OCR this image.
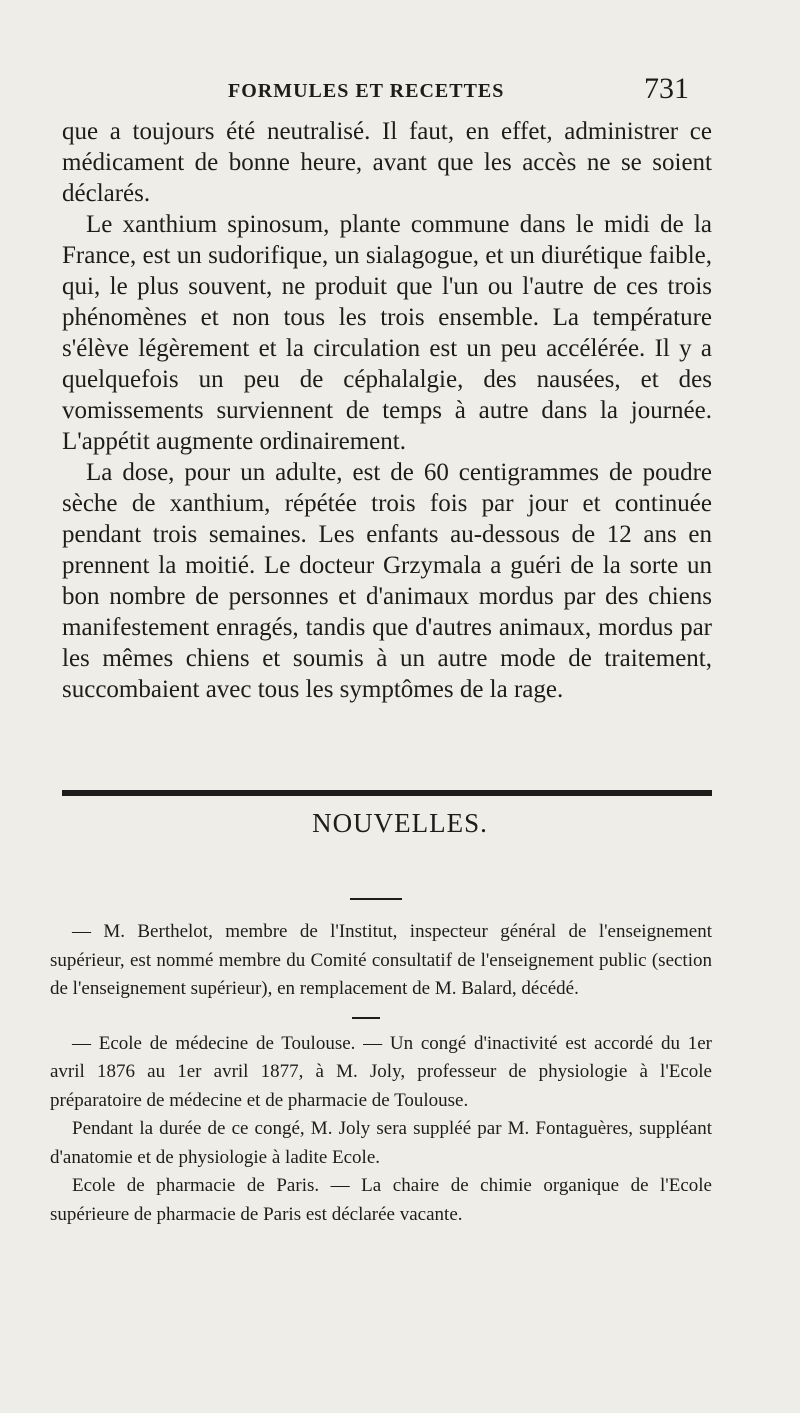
FORMULES ET RECETTES	731

que a toujours été neutralisé. Il faut, en effet, administrer ce médicament de bonne heure, avant que les accès ne se soient déclarés.

Le xanthium spinosum, plante commune dans le midi de la France, est un sudorifique, un sialagogue, et un diurétique faible, qui, le plus souvent, ne produit que l'un ou l'autre de ces trois phénomènes et non tous les trois ensemble. La température s'élève légèrement et la circulation est un peu accélérée. Il y a quelquefois un peu de céphalalgie, des nausées, et des vomissements surviennent de temps à autre dans la journée. L'appétit augmente ordinairement.

La dose, pour un adulte, est de 60 centigrammes de poudre sèche de xanthium, répétée trois fois par jour et continuée pendant trois semaines. Les enfants au-dessous de 12 ans en prennent la moitié. Le docteur Grzymala a guéri de la sorte un bon nombre de personnes et d'animaux mordus par des chiens manifestement enragés, tandis que d'autres animaux, mordus par les mêmes chiens et soumis à un autre mode de traitement, succombaient avec tous les symptômes de la rage.

NOUVELLES.

— M. Berthelot, membre de l'Institut, inspecteur général de l'enseignement supérieur, est nommé membre du Comité consultatif de l'enseignement public (section de l'enseignement supérieur), en remplacement de M. Balard, décédé.

— Ecole de médecine de Toulouse. — Un congé d'inactivité est accordé du 1er avril 1876 au 1er avril 1877, à M. Joly, professeur de physiologie à l'Ecole préparatoire de médecine et de pharmacie de Toulouse.

Pendant la durée de ce congé, M. Joly sera suppléé par M. Fontaguères, suppléant d'anatomie et de physiologie à ladite Ecole.

Ecole de pharmacie de Paris. — La chaire de chimie organique de l'Ecole supérieure de pharmacie de Paris est déclarée vacante.
